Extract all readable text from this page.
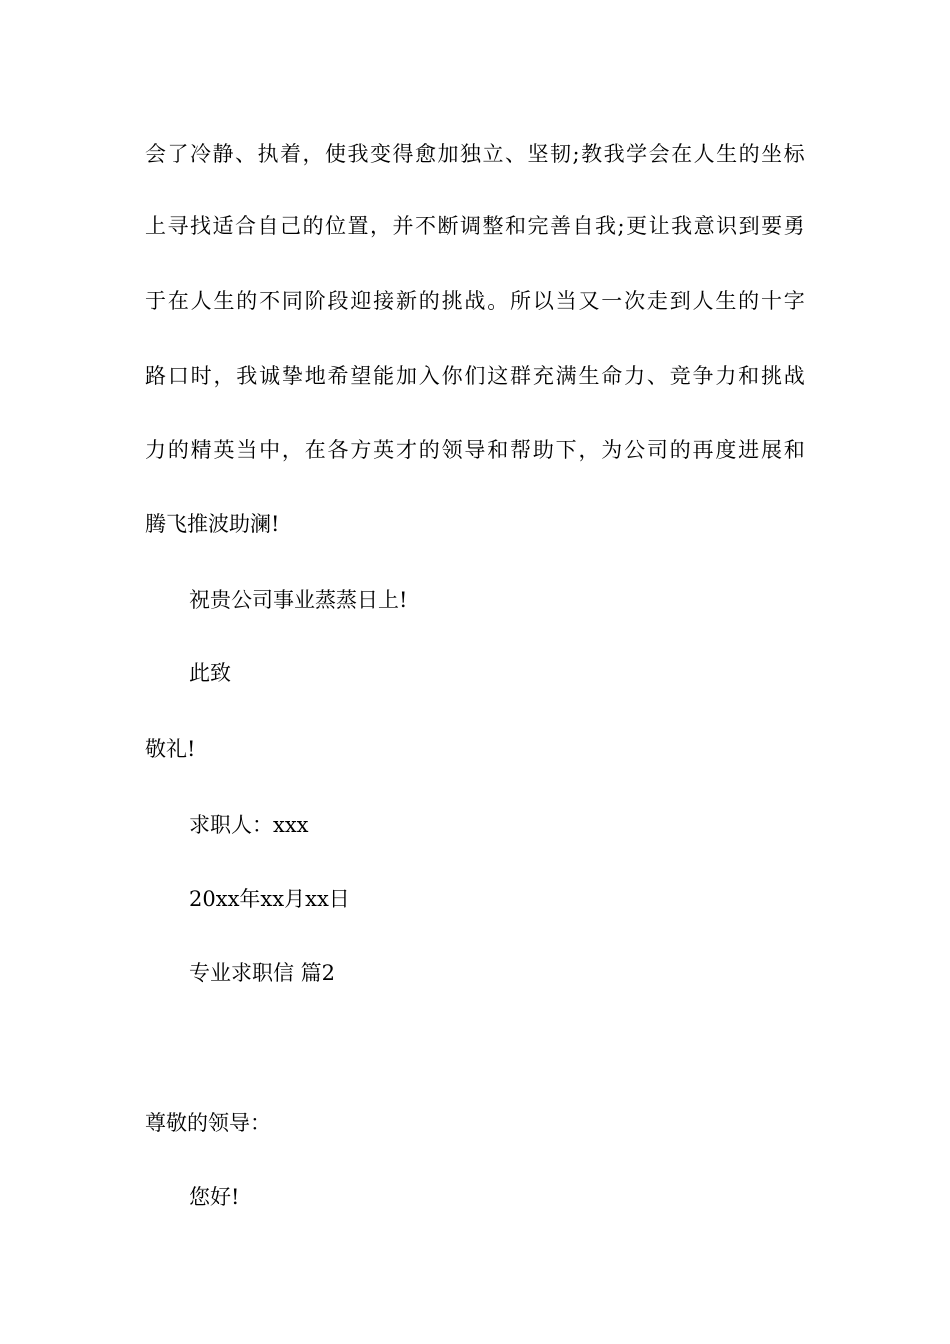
会 了 冷 静 、 执 着 ， 使 我 变 得 愈 加 独 立 、 坚 韧 ; 教 我 学 会 在 人 生 的 坐 标
上 寻 找 适 合 自 己 的 位 置 ， 并 不 断 调 整 和 完 善 自 我 ; 更 让 我 意 识 到 要 勇
于 在 人 生 的 不 同 阶 段 迎 接 新 的 挑 战 。 所 以 当 又 一 次 走 到 人 生 的 十 字
路 口 时 ， 我 诚 挚 地 希 望 能 加 入 你 们 这 群 充 满 生 命 力 、 竞 争 力 和 挑 战
力 的 精 英 当 中 ， 在 各 方 英 才 的 领 导 和 帮 助 下 ， 为 公 司 的 再 度 进 展 和
腾飞推波助澜!
祝贵公司事业蒸蒸日上!
此致
敬礼!
求职人：xxx
20xx年xx月xx日
专业求职信 篇2
尊敬的领导：
您好!
